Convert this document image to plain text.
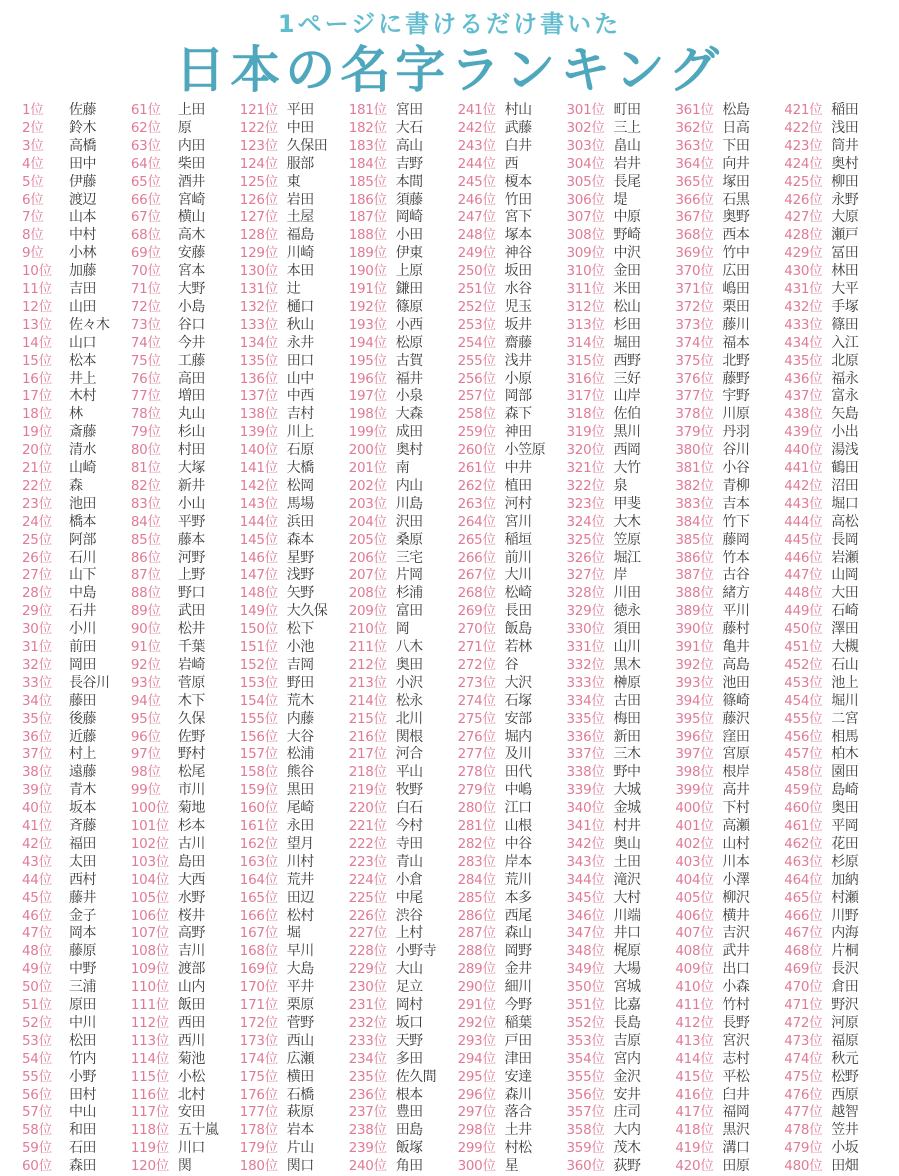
1ページに書けるだけ書いた
日本の名字ランキング
1位 佐藤
2位 鈴木
3位 高橋
4位 田中
5位 伊藤
6位 渡辺
7位 山本
8位 中村
9位 小林
10位 加藤
11位 吉田
12位 山田
13位 佐々木
14位 山口
15位 松本
16位 井上
17位 木村
18位 林
19位 斎藤
20位 清水
21位 山崎
22位 森
23位 池田
24位 橋本
25位 阿部
26位 石川
27位 山下
28位 中島
29位 石井
30位 小川
31位 前田
32位 岡田
33位 長谷川
34位 藤田
35位 後藤
36位 近藤
37位 村上
38位 遠藤
39位 青木
40位 坂本
41位 斉藤
42位 福田
43位 太田
44位 西村
45位 藤井
46位 金子
47位 岡本
48位 藤原
49位 中野
50位 三浦
51位 原田
52位 中川
53位 松田
54位 竹内
55位 小野
56位 田村
57位 中山
58位 和田
59位 石田
60位 森田
61位 上田
62位 原
63位 内田
64位 柴田
65位 酒井
66位 宮崎
67位 横山
68位 高木
69位 安藤
70位 宮本
71位 大野
72位 小島
73位 谷口
74位 今井
75位 工藤
76位 高田
77位 増田
78位 丸山
79位 杉山
80位 村田
81位 大塚
82位 新井
83位 小山
84位 平野
85位 藤本
86位 河野
87位 上野
88位 野口
89位 武田
90位 松井
91位 千葉
92位 岩崎
93位 菅原
94位 木下
95位 久保
96位 佐野
97位 野村
98位 松尾
99位 市川
100位 菊地
101位 杉本
102位 古川
103位 島田
104位 大西
105位 水野
106位 桜井
107位 高野
108位 吉川
109位 渡部
110位 山内
111位 飯田
112位 西田
113位 西川
114位 菊池
115位 小松
116位 北村
117位 安田
118位 五十嵐
119位 川口
120位 関
121位 平田
122位 中田
123位 久保田
124位 服部
125位 東
126位 岩田
127位 土屋
128位 福島
129位 川崎
130位 本田
131位 辻
132位 樋口
133位 秋山
134位 永井
135位 田口
136位 山中
137位 中西
138位 吉村
139位 川上
140位 石原
141位 大橋
142位 松岡
143位 馬場
144位 浜田
145位 森本
146位 星野
147位 浅野
148位 矢野
149位 大久保
150位 松下
151位 小池
152位 吉岡
153位 野田
154位 荒木
155位 内藤
156位 大谷
157位 松浦
158位 熊谷
159位 黒田
160位 尾崎
161位 永田
162位 望月
163位 川村
164位 荒井
165位 田辺
166位 松村
167位 堀
168位 早川
169位 大島
170位 平井
171位 栗原
172位 菅野
173位 西山
174位 広瀬
175位 横田
176位 石橋
177位 萩原
178位 岩本
179位 片山
180位 関口
181位 宮田
182位 大石
183位 高山
184位 吉野
185位 本間
186位 須藤
187位 岡崎
188位 小田
189位 伊東
190位 上原
191位 鎌田
192位 篠原
193位 小西
194位 松原
195位 古賀
196位 福井
197位 小泉
198位 大森
199位 成田
200位 奥村
201位 南
202位 内山
203位 川島
204位 沢田
205位 桑原
206位 三宅
207位 片岡
208位 杉浦
209位 富田
210位 岡
211位 八木
212位 奥田
213位 小沢
214位 松永
215位 北川
216位 関根
217位 河合
218位 平山
219位 牧野
220位 白石
221位 今村
222位 寺田
223位 青山
224位 小倉
225位 中尾
226位 渋谷
227位 上村
228位 小野寺
229位 大山
230位 足立
231位 岡村
232位 坂口
233位 天野
234位 多田
235位 佐久間
236位 根本
237位 豊田
238位 田島
239位 飯塚
240位 角田
241位 村山
242位 武藤
243位 白井
244位 西
245位 榎本
246位 竹田
247位 宮下
248位 塚本
249位 神谷
250位 坂田
251位 水谷
252位 児玉
253位 坂井
254位 齋藤
255位 浅井
256位 小原
257位 岡部
258位 森下
259位 神田
260位 小笠原
261位 中井
262位 植田
263位 河村
264位 宮川
265位 稲垣
266位 前川
267位 大川
268位 松崎
269位 長田
270位 飯島
271位 若林
272位 谷
273位 大沢
274位 石塚
275位 安部
276位 堀内
277位 及川
278位 田代
279位 中嶋
280位 江口
281位 山根
282位 中谷
283位 岸本
284位 荒川
285位 本多
286位 西尾
287位 森山
288位 岡野
289位 金井
290位 細川
291位 今野
292位 稲葉
293位 戸田
294位 津田
295位 安達
296位 森川
297位 落合
298位 土井
299位 村松
300位 星
301位 町田
302位 三上
303位 畠山
304位 岩井
305位 長尾
306位 堤
307位 中原
308位 野崎
309位 中沢
310位 金田
311位 米田
312位 松山
313位 杉田
314位 堀田
315位 西野
316位 三好
317位 山岸
318位 佐伯
319位 黒川
320位 西岡
321位 大竹
322位 泉
323位 甲斐
324位 大木
325位 笠原
326位 堀江
327位 岸
328位 川田
329位 徳永
330位 須田
331位 山川
332位 黒木
333位 榊原
334位 古田
335位 梅田
336位 新田
337位 三木
338位 野中
339位 大城
340位 金城
341位 村井
342位 奥山
343位 土田
344位 滝沢
345位 大村
346位 川端
347位 井口
348位 梶原
349位 大場
350位 宮城
351位 比嘉
352位 長島
353位 吉原
354位 宮内
355位 金沢
356位 安井
357位 庄司
358位 大内
359位 茂木
360位 荻野
361位 松島
362位 日高
363位 下田
364位 向井
365位 塚田
366位 石黒
367位 奥野
368位 西本
369位 竹中
370位 広田
371位 嶋田
372位 栗田
373位 藤川
374位 福本
375位 北野
376位 藤野
377位 宇野
378位 川原
379位 丹羽
380位 谷川
381位 小谷
382位 青柳
383位 吉本
384位 竹下
385位 藤岡
386位 竹本
387位 古谷
388位 緒方
389位 平川
390位 藤村
391位 亀井
392位 高島
393位 池田
394位 篠崎
395位 藤沢
396位 窪田
397位 宮原
398位 根岸
399位 高井
400位 下村
401位 高瀬
402位 山村
403位 川本
404位 小澤
405位 柳沢
406位 横井
407位 吉沢
408位 武井
409位 出口
410位 小森
411位 竹村
412位 長野
413位 宮沢
414位 志村
415位 平松
416位 臼井
417位 福岡
418位 黒沢
419位 溝口
420位 田原
421位 稲田
422位 浅田
423位 筒井
424位 奥村
425位 柳田
426位 永野
427位 大原
428位 瀬戸
429位 冨田
430位 林田
431位 大平
432位 手塚
433位 篠田
434位 入江
435位 北原
436位 福永
437位 富永
438位 矢島
439位 小出
440位 湯浅
441位 鶴田
442位 沼田
443位 堀口
444位 高松
445位 長岡
446位 岩瀬
447位 山岡
448位 大田
449位 石崎
450位 澤田
451位 大槻
452位 石山
453位 池上
454位 堀川
455位 二宮
456位 相馬
457位 柏木
458位 園田
459位 島崎
460位 奥田
461位 平岡
462位 花田
463位 杉原
464位 加納
465位 村瀬
466位 川野
467位 内海
468位 片桐
469位 長沢
470位 倉田
471位 野沢
472位 河原
473位 福原
474位 秋元
475位 松野
476位 西原
477位 越智
478位 笠井
479位 小坂
480位 田畑
